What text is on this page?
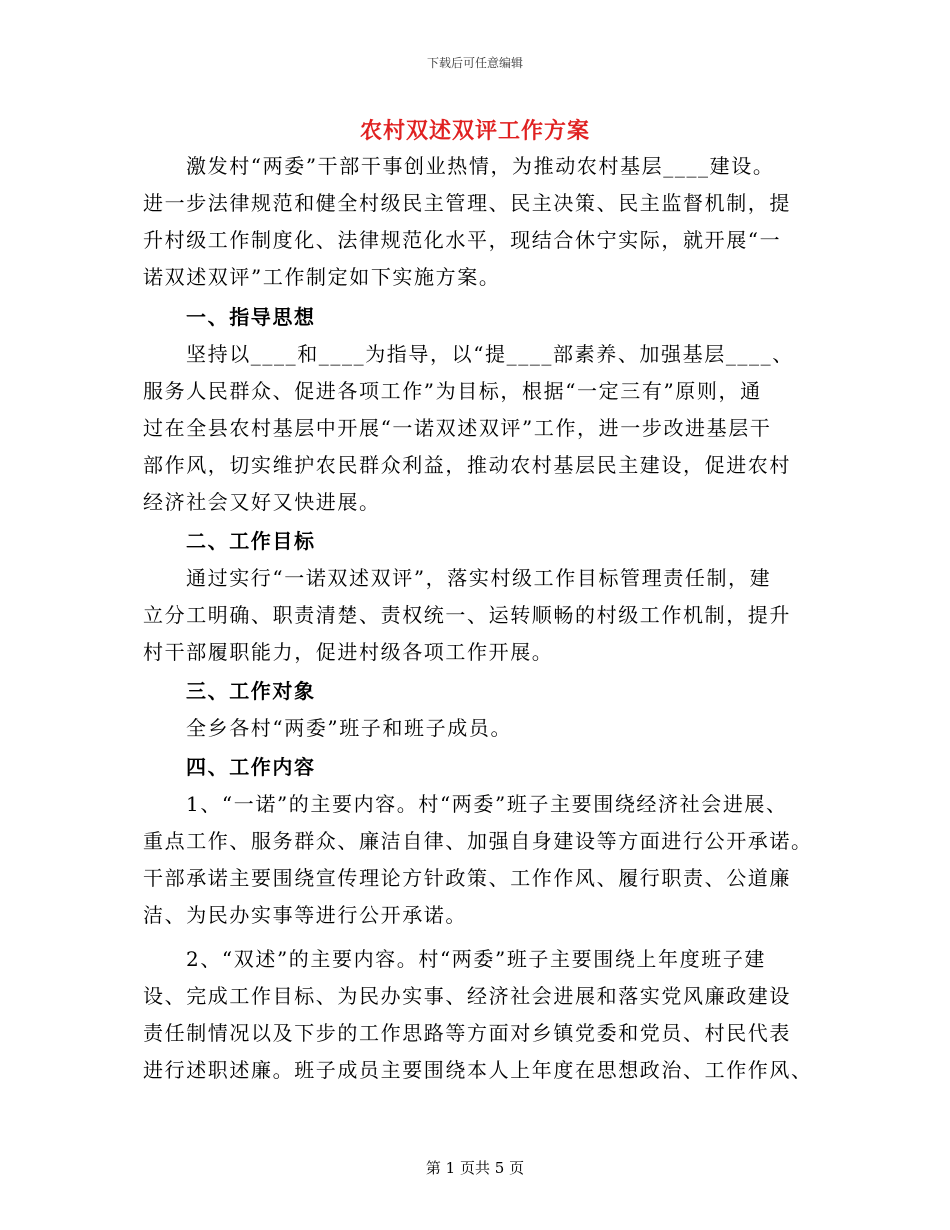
下载后可任意编辑
农村双述双评工作方案
激发村“两委”干部干事创业热情，为推动农村基层____建设。
进一步法律规范和健全村级民主管理、民主决策、民主监督机制，提
升村级工作制度化、法律规范化水平，现结合休宁实际，就开展“一
诺双述双评”工作制定如下实施方案。
一、指导思想
坚持以____和____为指导，以“提____部素养、加强基层____、
服务人民群众、促进各项工作”为目标，根据“一定三有”原则，通
过在全县农村基层中开展“一诺双述双评”工作，进一步改进基层干
部作风，切实维护农民群众利益，推动农村基层民主建设，促进农村
经济社会又好又快进展。
二、工作目标
通过实行“一诺双述双评”，落实村级工作目标管理责任制，建
立分工明确、职责清楚、责权统一、运转顺畅的村级工作机制，提升
村干部履职能力，促进村级各项工作开展。
三、工作对象
全乡各村“两委”班子和班子成员。
四、工作内容
1、“一诺”的主要内容。村“两委”班子主要围绕经济社会进展、
重点工作、服务群众、廉洁自律、加强自身建设等方面进行公开承诺。
干部承诺主要围绕宣传理论方针政策、工作作风、履行职责、公道廉
洁、为民办实事等进行公开承诺。
2、“双述”的主要内容。村“两委”班子主要围绕上年度班子建
设、完成工作目标、为民办实事、经济社会进展和落实党风廉政建设
责任制情况以及下步的工作思路等方面对乡镇党委和党员、村民代表
进行述职述廉。班子成员主要围绕本人上年度在思想政治、工作作风、
第 1 页共 5 页
